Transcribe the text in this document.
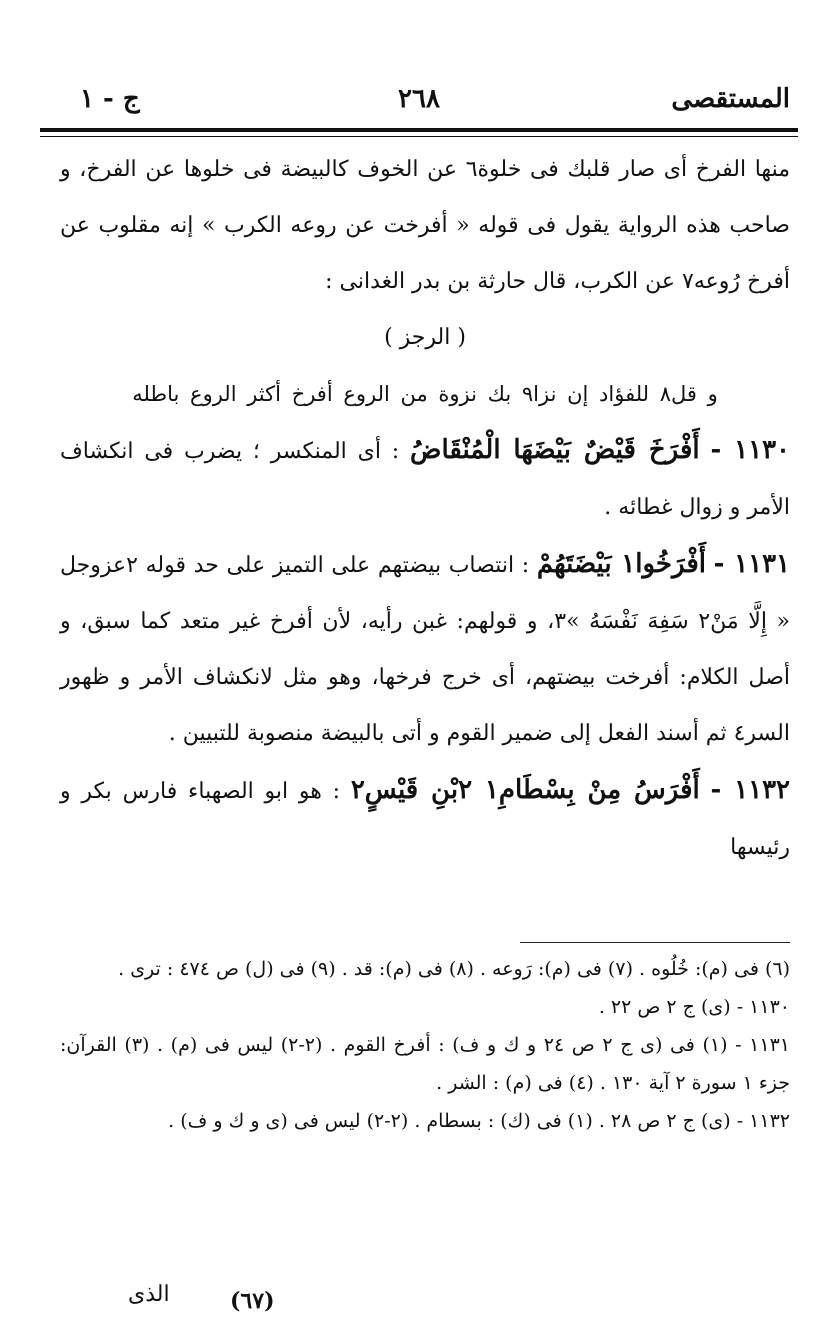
المستقصى
٢٦٨
ج - ١

منها الفرخ أى صار قلبك فى خلوة٦ عن الخوف كالبيضة فى خلوها عن الفرخ، و صاحب هذه الرواية يقول فى قوله « أفرخت عن روعه الكرب » إنه مقلوب عن أفرخ رُوعه٧ عن الكرب، قال حارثة بن بدر الغدانى :

( الرجز )

و قل٨ للفؤاد إن نزا٩ بك نزوة من الروع أفرخ أكثر الروع باطله

١١٣٠ - أَفْرَخَ قَيْضٌ بَيْضَهَا الْمُنْقَاضُ : أى المنكسر ؛ يضرب فى انكشاف الأمر و زوال غطائه .

١١٣١ - أَفْرَخُوا١ بَيْضَتَهُمْ : انتصاب بيضتهم على التميز على حد قوله ٢عزوجل « إِلَّا مَنْ٢ سَفِهَ نَفْسَهُ »٣، و قولهم: غبن رأيه، لأن أفرخ غير متعد كما سبق، و أصل الكلام: أفرخت بيضتهم، أى خرج فرخها، وهو مثل لانكشاف الأمر و ظهور السر٤ ثم أسند الفعل إلى ضمير القوم و أتى بالبيضة منصوبة للتبيين .

١١٣٢ - أَفْرَسُ مِنْ بِسْطَامِ١ ٢بْنِ قَيْسٍ٢ : هو ابو الصهباء فارس بكر و رئيسها

(٦) فى (م): خُلُوه . (٧) فى (م): رَوعه . (٨) فى (م): قد . (٩) فى (ل) ص ٤٧٤ : ترى .
١١٣٠ - (ى) ج ٢ ص ٢٢ .
١١٣١ - (١) فى (ى ج ٢ ص ٢٤ و ك و ف) : أفرخ القوم . (٢-٢) ليس فى (م) . (٣) القرآن: جزء ١ سورة ٢ آية ١٣٠ . (٤) فى (م) : الشر .
١١٣٢ - (ى) ج ٢ ص ٢٨ . (١) فى (ك) : بسطام . (٢-٢) ليس فى (ى و ك و ف) .
(٦٧)
الذى
